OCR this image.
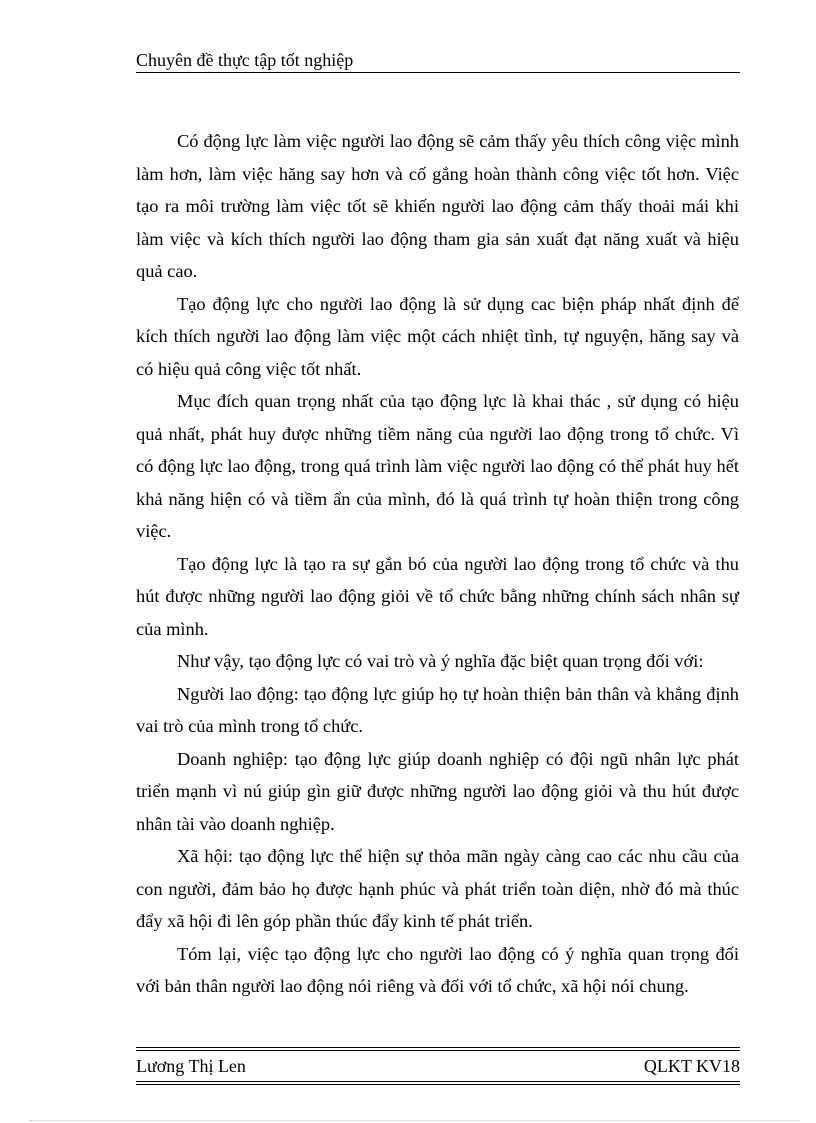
Chuyên đề thực tập tốt nghiệp

Có động lực làm việc người lao động sẽ cảm thấy yêu thích công việc mình làm hơn, làm việc hăng say hơn và cố gắng hoàn thành công việc tốt hơn. Việc tạo ra môi trường làm việc tốt sẽ khiến người lao động cảm thấy thoải mái khi làm việc và kích thích người lao động tham gia sản xuất đạt năng xuất và hiệu quả cao.

Tạo động lực cho người lao động là sử dụng cac biện pháp nhất định để kích thích người lao động làm việc một cách nhiệt tình, tự nguyện, hăng say và có hiệu quả công việc tốt nhất.

Mục đích quan trọng nhất của tạo động lực là khai thác , sử dụng có hiệu quả nhất, phát huy được những tiềm năng của người lao động trong tổ chức. Vì có động lực lao động, trong quá trình làm việc người lao động có thể phát huy hết khả năng hiện có và tiềm ẩn của mình, đó là quá trình tự hoàn thiện trong công việc.

Tạo động lực là tạo ra sự gắn bó của người lao động trong tổ chức và thu hút được những người lao động giỏi về tổ chức bằng những chính sách nhân sự của mình.

Như vậy, tạo động lực có vai trò và ý nghĩa đặc biệt quan trọng đối với:

Người lao động: tạo động lực giúp họ tự hoàn thiện bản thân và khẳng định vai trò của mình trong tổ chức.

Doanh nghiệp: tạo động lực giúp doanh nghiệp có đội ngũ nhân lực phát triển mạnh vì nú giúp gìn giữ được những người lao động giỏi và thu hút được nhân tài vào doanh nghiệp.

Xã hội: tạo động lực thể hiện sự thỏa mãn ngày càng cao các nhu cầu của con người, đảm bảo họ được hạnh phúc và phát triển toàn diện, nhờ đó mà thúc đẩy xã hội đi lên góp phần thúc đẩy kinh tế phát triển.

Tóm lại, việc tạo động lực cho người lao động có ý nghĩa quan trọng đối với bản thân người lao động nói riêng và đối với tổ chức, xã hội nói chung.

Lương Thị Len	QLKT KV18
